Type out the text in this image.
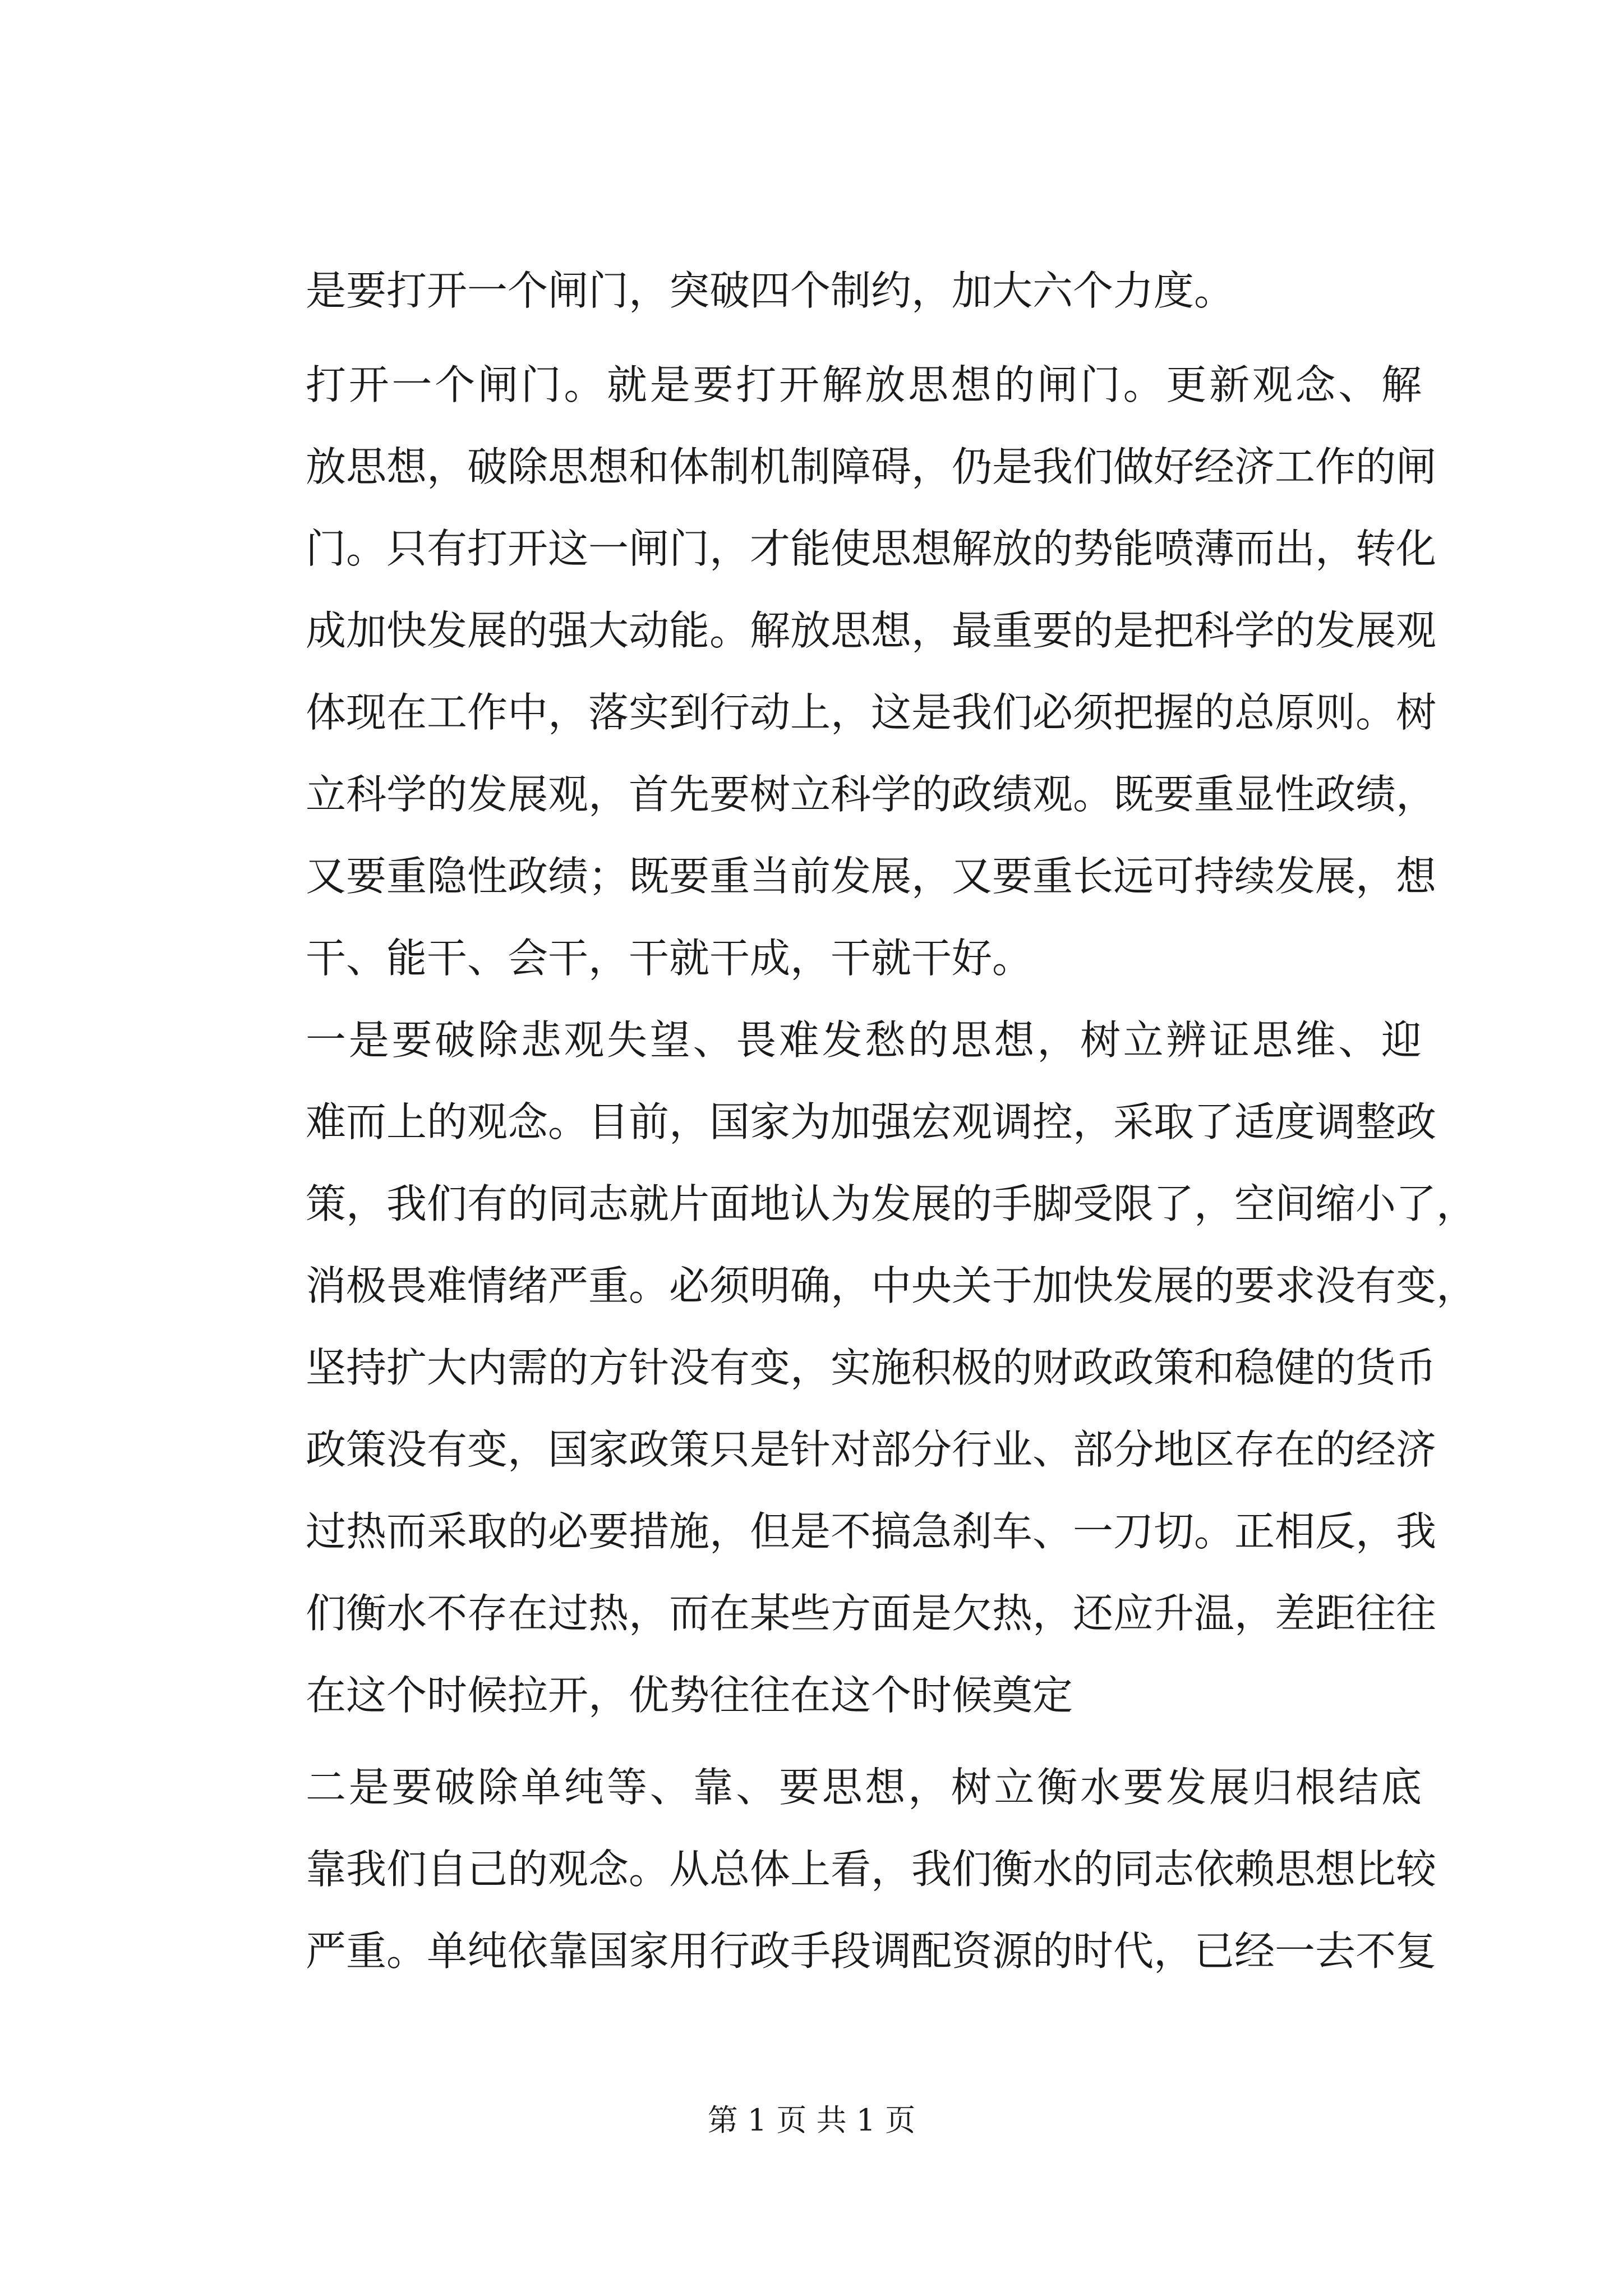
是要打开一个闸门，突破四个制约，加大六个力度。
打开一个闸门。就是要打开解放思想的闸门。更新观念、解
放思想，破除思想和体制机制障碍，仍是我们做好经济工作的闸
门。只有打开这一闸门，才能使思想解放的势能喷薄而出，转化
成加快发展的强大动能。解放思想，最重要的是把科学的发展观
体现在工作中，落实到行动上，这是我们必须把握的总原则。树
立科学的发展观，首先要树立科学的政绩观。既要重显性政绩，
又要重隐性政绩；既要重当前发展，又要重长远可持续发展，想
干、能干、会干，干就干成，干就干好。
一是要破除悲观失望、畏难发愁的思想，树立辨证思维、迎
难而上的观念。目前，国家为加强宏观调控，采取了适度调整政
策，我们有的同志就片面地认为发展的手脚受限了，空间缩小了，
消极畏难情绪严重。必须明确，中央关于加快发展的要求没有变，
坚持扩大内需的方针没有变，实施积极的财政政策和稳健的货币
政策没有变，国家政策只是针对部分行业、部分地区存在的经济
过热而采取的必要措施，但是不搞急刹车、一刀切。正相反，我
们衡水不存在过热，而在某些方面是欠热，还应升温，差距往往
在这个时候拉开，优势往往在这个时候奠定
二是要破除单纯等、靠、要思想，树立衡水要发展归根结底
靠我们自己的观念。从总体上看，我们衡水的同志依赖思想比较
严重。单纯依靠国家用行政手段调配资源的时代，已经一去不复
第 1 页 共 1 页
